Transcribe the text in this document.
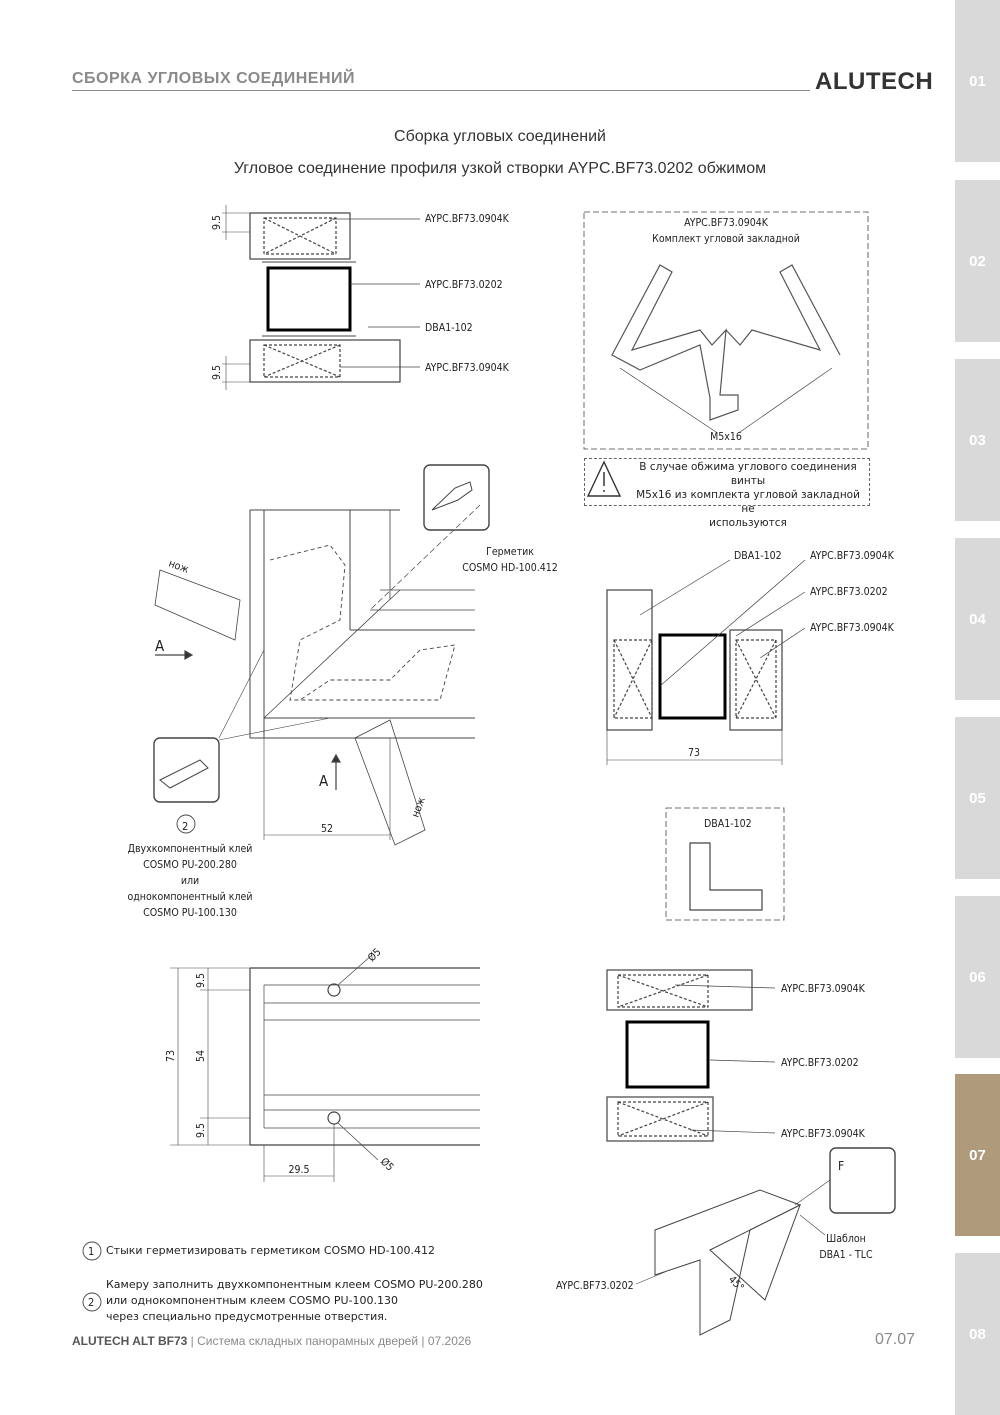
СБОРКА УГЛОВЫХ СОЕДИНЕНИЙ	ALUTECH 01
02
03
04
05
06
07
08
Сборка угловых соединений
Угловое соединение профиля узкой створки AYPC.BF73.0202 обжимом
AYPC.BF73.0904K
AYPC.BF73.0202
DBA1-102
AYPC.BF73.0904K
9.5
9.5
AYPC.BF73.0904K
Комплект угловой закладной
M5x16
Герметик
COSMO HD-100.412
нож
нож
А
А
52
DBA1-102	AYPC.BF73.0904K
AYPC.BF73.0202
AYPC.BF73.0904K
73
DBA1-102
2
Двухкомпонентный клей
COSMO PU-200.280
или
однокомпонентный клей
COSMO PU-100.130
73 54
9.5
9.5
Ø5
Ø5
29.5
AYPC.BF73.0904K
AYPC.BF73.0202
AYPC.BF73.0904K
Шаблон
DBA1 - TLC
45°
F
AYPC.BF73.0202
1
2
В случае обжима углового соединения винты
M5x16 из комплекта угловой закладной не
используются
Стыки герметизировать герметиком COSMO HD-100.412
Камеру заполнить двухкомпонентным клеем COSMO PU-200.280
или однокомпонентным клеем COSMO PU-100.130
через специально предусмотренные отверстия.
ALUTECH ALT BF73 | Система складных панорамных дверей | 07.2026	07.07
